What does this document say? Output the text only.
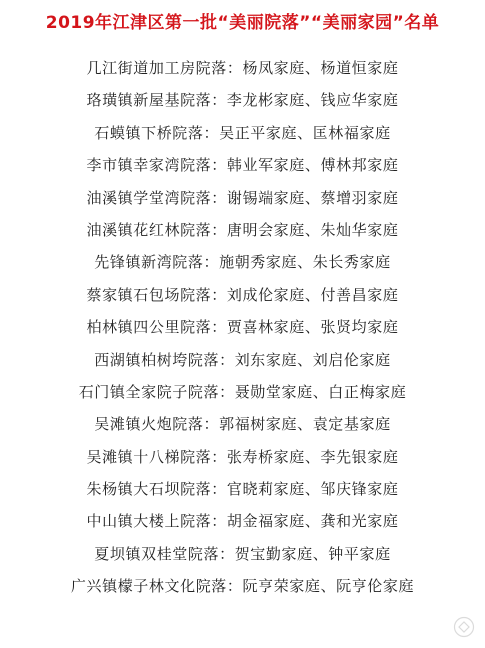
2019年江津区第一批“美丽院落”“美丽家园”名单
几江街道加工房院落：杨凤家庭、杨道恒家庭
珞璜镇新屋基院落：李龙彬家庭、钱应华家庭
石蟆镇下桥院落：吴正平家庭、匡林福家庭
李市镇幸家湾院落：韩业军家庭、傅林邦家庭
油溪镇学堂湾院落：谢锡端家庭、蔡增羽家庭
油溪镇花红林院落：唐明会家庭、朱灿华家庭
先锋镇新湾院落：施朝秀家庭、朱长秀家庭
蔡家镇石包场院落：刘成伦家庭、付善昌家庭
柏林镇四公里院落：贾喜林家庭、张贤均家庭
西湖镇柏树垮院落：刘东家庭、刘启伦家庭
石门镇全家院子院落：聂勋堂家庭、白正梅家庭
吴滩镇火炮院落：郭福树家庭、袁定基家庭
吴滩镇十八梯院落：张寿桥家庭、李先银家庭
朱杨镇大石坝院落：官晓莉家庭、邹庆锋家庭
中山镇大楼上院落：胡金福家庭、龚和光家庭
夏坝镇双桂堂院落：贺宝勤家庭、钟平家庭
广兴镇檬子林文化院落：阮亨荣家庭、阮亨伦家庭
